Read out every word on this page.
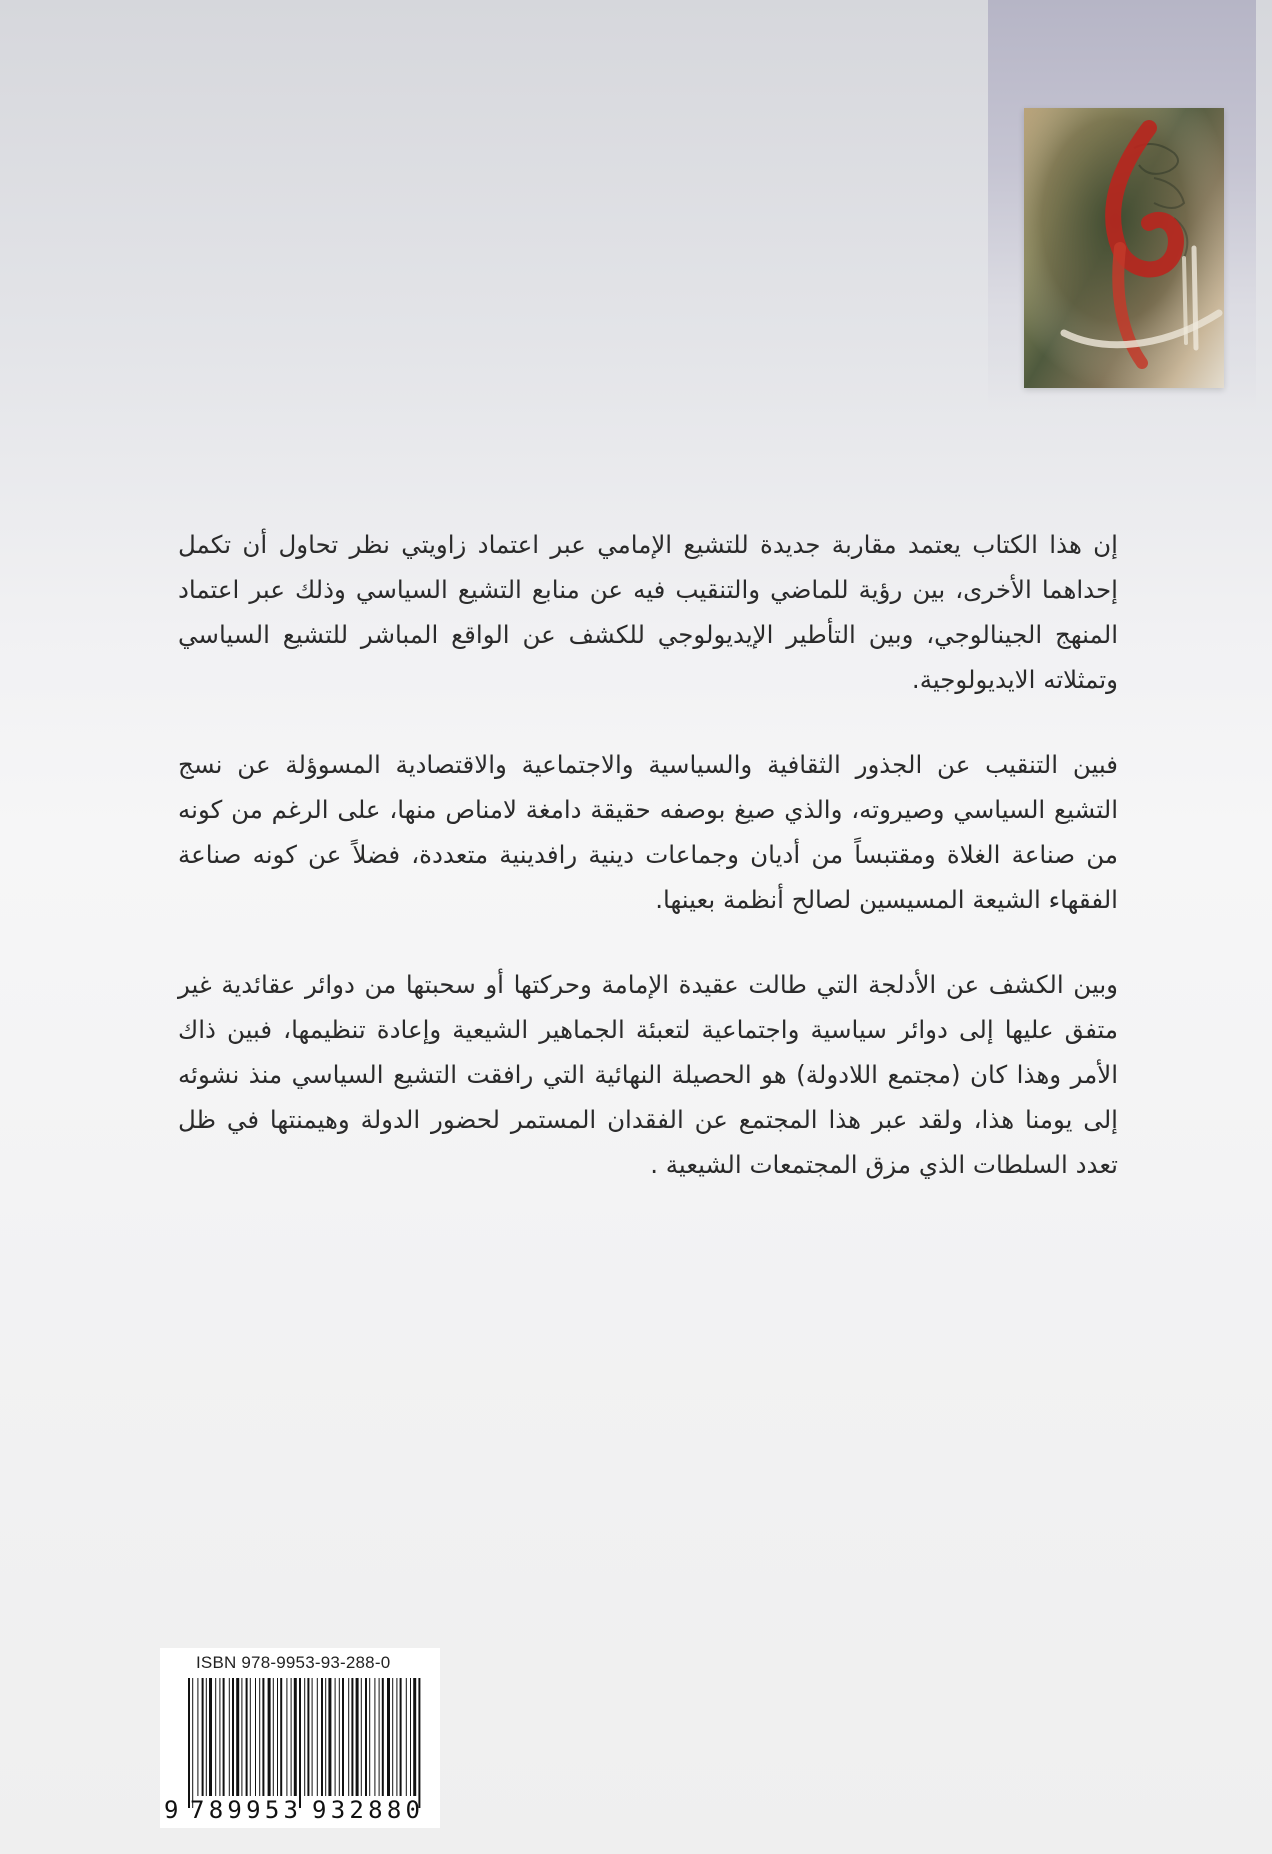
إن هذا الكتاب يعتمد مقاربة جديدة للتشيع الإمامي عبر اعتماد زاويتي نظر تحاول أن تكمل إحداهما الأخرى، بين رؤية للماضي والتنقيب فيه عن منابع التشيع السياسي وذلك عبر اعتماد المنهج الجينالوجي، وبين التأطير الإيديولوجي للكشف عن الواقع المباشر للتشيع السياسي وتمثلاته الايديولوجية.

فبين التنقيب عن الجذور الثقافية والسياسية والاجتماعية والاقتصادية المسوؤلة عن نسج التشيع السياسي وصيروته، والذي صيغ بوصفه حقيقة دامغة لامناص منها، على الرغم من كونه من صناعة الغلاة ومقتبساً من أديان وجماعات دينية رافدينية متعددة، فضلاً عن كونه صناعة الفقهاء الشيعة المسيسين لصالح أنظمة بعينها.

وبين الكشف عن الأدلجة التي طالت عقيدة الإمامة وحركتها أو سحبتها من دوائر عقائدية غير متفق عليها إلى دوائر سياسية واجتماعية لتعبئة الجماهير الشيعية وإعادة تنظيمها، فبين ذاك الأمر وهذا كان (مجتمع اللادولة) هو الحصيلة النهائية التي رافقت التشيع السياسي منذ نشوئه إلى يومنا هذا، ولقد عبر هذا المجتمع عن الفقدان المستمر لحضور الدولة وهيمنتها في ظل تعدد السلطات الذي مزق المجتمعات الشيعية .

9 789953 932880
ISBN 978-9953-93-288-0
